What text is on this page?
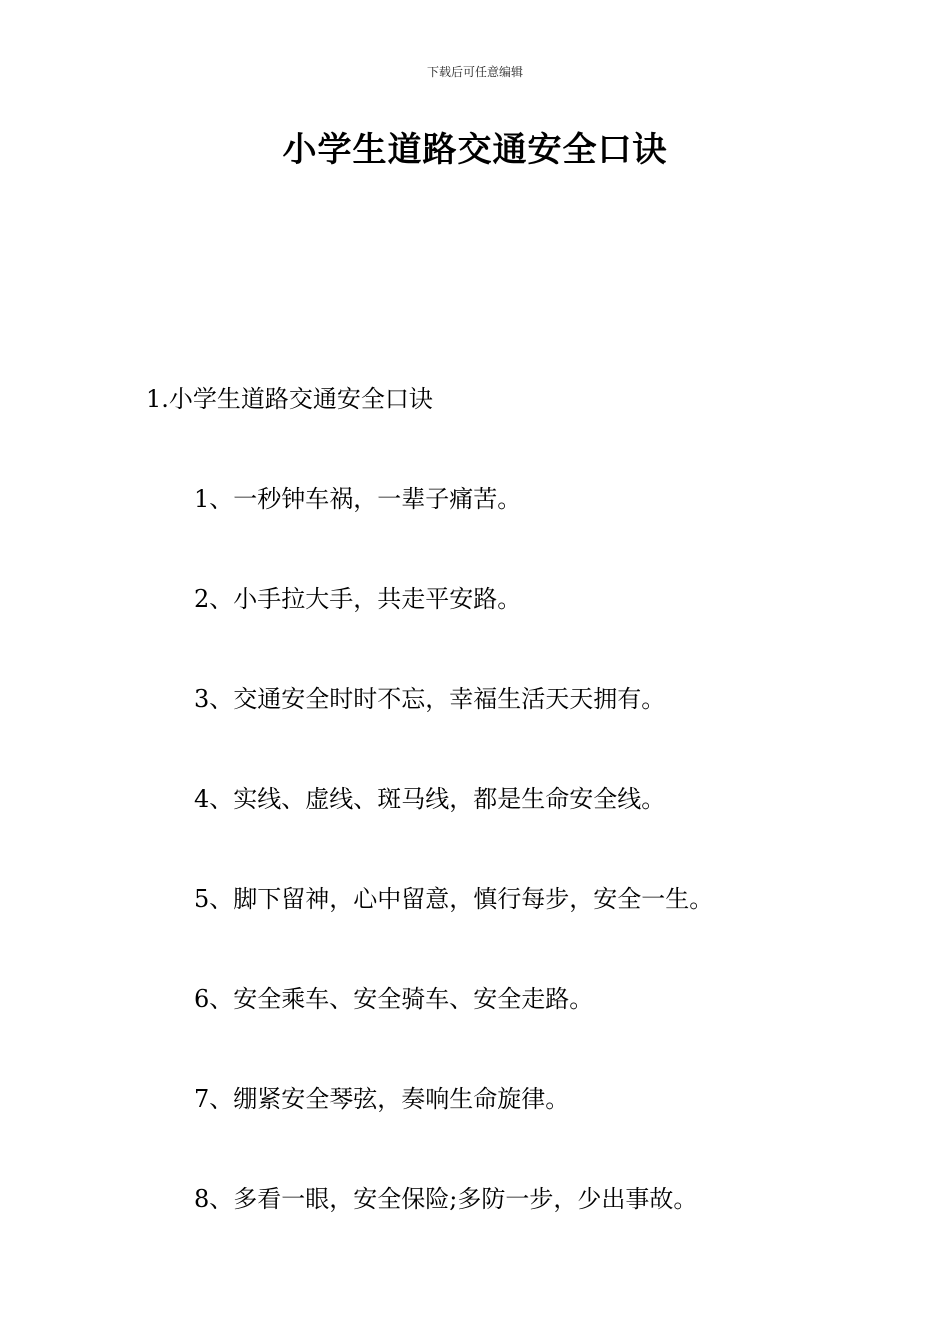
下载后可任意编辑
小学生道路交通安全口诀
1.小学生道路交通安全口诀
1、一秒钟车祸，一辈子痛苦。
2、小手拉大手，共走平安路。
3、交通安全时时不忘，幸福生活天天拥有。
4、实线、虚线、斑马线，都是生命安全线。
5、脚下留神，心中留意，慎行每步，安全一生。
6、安全乘车、安全骑车、安全走路。
7、绷紧安全琴弦，奏响生命旋律。
8、多看一眼，安全保险;多防一步，少出事故。
